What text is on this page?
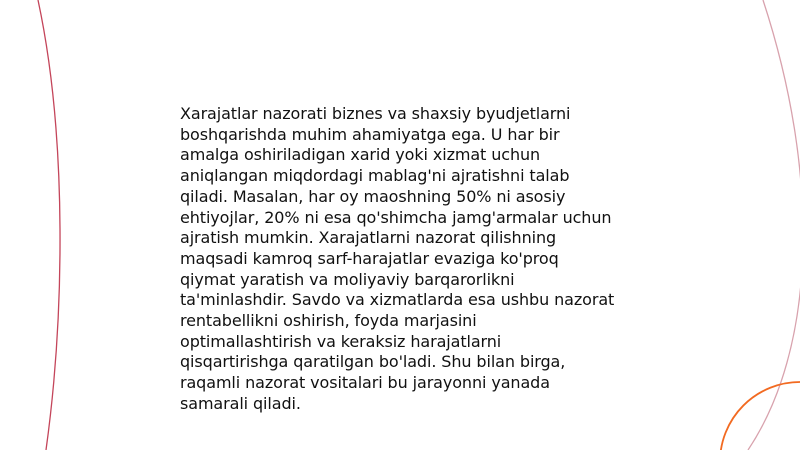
Xarajatlar nazorati biznes va shaxsiy byudjetlarni
boshqarishda muhim ahamiyatga ega. U har bir
amalga oshiriladigan xarid yoki xizmat uchun
aniqlangan miqdordagi mablag'ni ajratishni talab
qiladi. Masalan, har oy maoshning 50% ni asosiy
ehtiyojlar, 20% ni esa qo'shimcha jamg'armalar uchun
ajratish mumkin. Xarajatlarni nazorat qilishning
maqsadi kamroq sarf-harajatlar evaziga ko'proq
qiymat yaratish va moliyaviy barqarorlikni
ta'minlashdir. Savdo va xizmatlarda esa ushbu nazorat
rentabellikni oshirish, foyda marjasini
optimallashtirish va keraksiz harajatlarni
qisqartirishga qaratilgan bo'ladi. Shu bilan birga,
raqamli nazorat vositalari bu jarayonni yanada
samarali qiladi.
